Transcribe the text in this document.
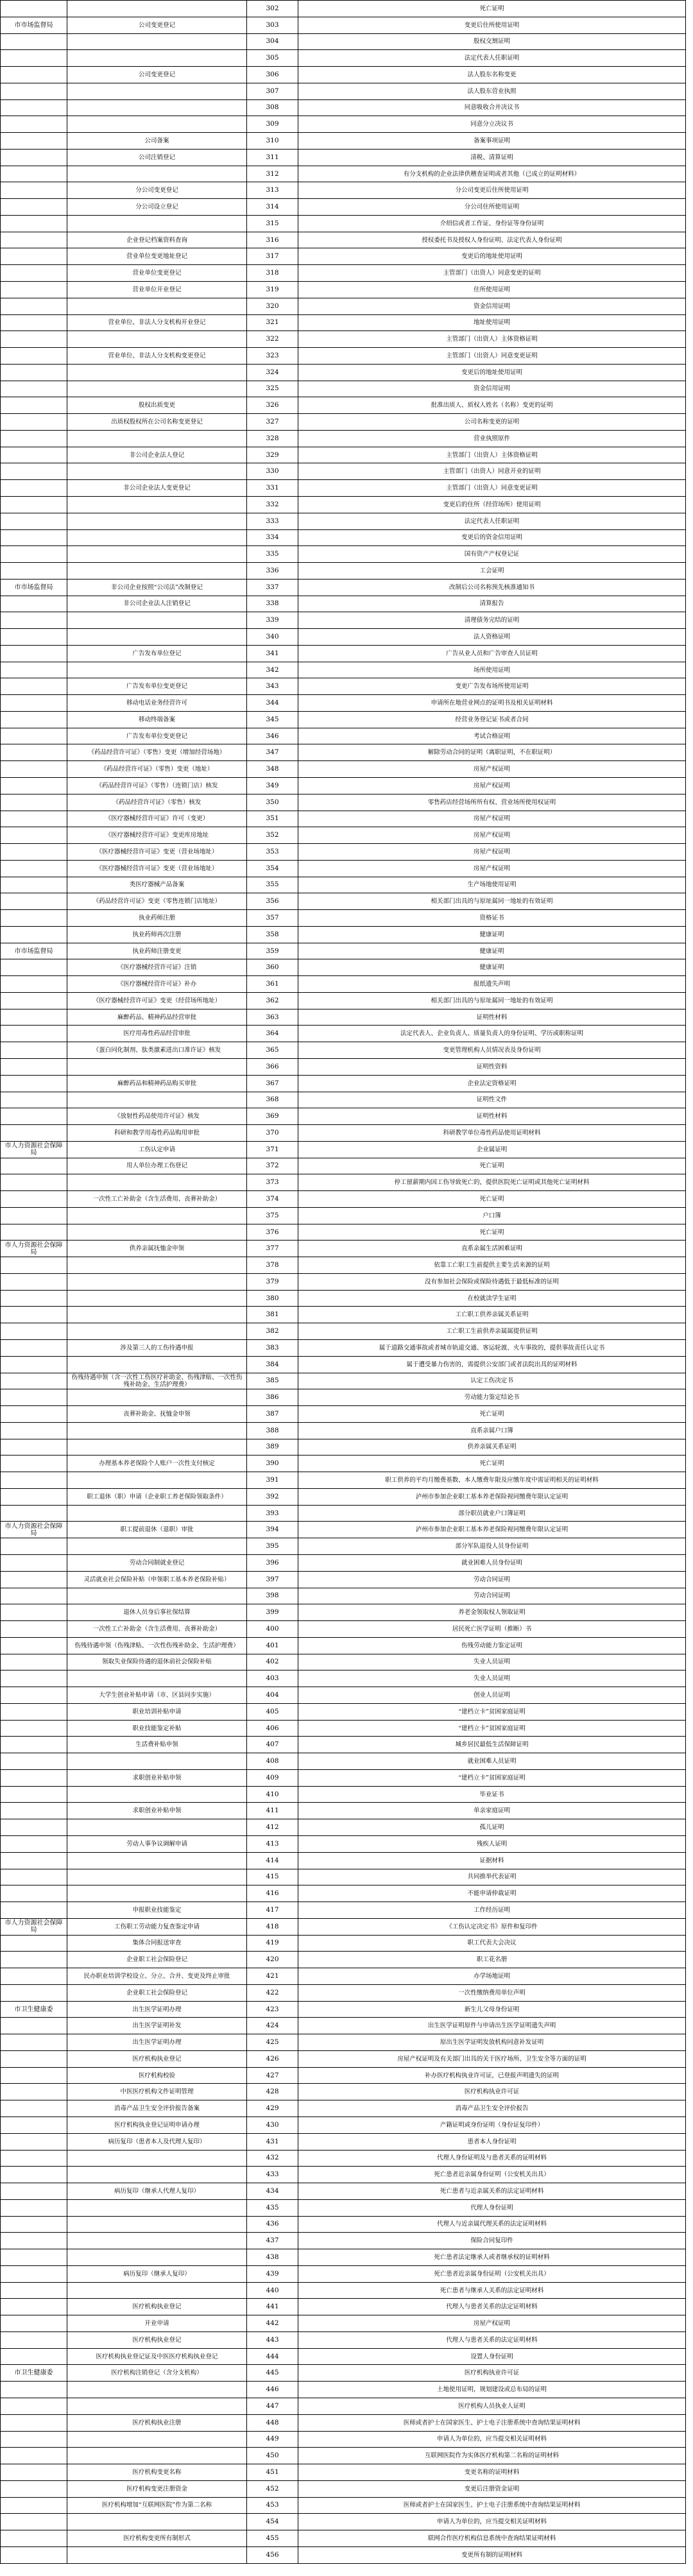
		302	死亡证明
市市场监督局	公司变更登记	303	变更后住所使用证明
		304	股权交割证明
		305	法定代表人任职证明
	公司变更登记	306	法人股东名称变更
		307	法人股东营业执照
		308	同意吸收合并决议书
		309	同意分立决议书
	公司备案	310	备案事项证明
	公司注销登记	311	清税、清算证明
		312	有分支机构的企业法律供稽查证明或者其他（已成立的证明材料）
	分公司变更登记	313	分公司变更后住所使用证明
	分公司设立登记	314	分公司住所使用证明
		315	介绍信或者工作证、身份证等身份证明
	企业登记档案资料查询	316	授权委托书及授权人身份证明、法定代表人身份证明
	营业单位变更地址登记	317	变更后的地址使用证明
	营业单位变更登记	318	主管部门（出资人）同意变更的证明
	营业单位开业登记	319	住所使用证明
		320	资金信用证明
	营业单位、非法人分支机构开业登记	321	地址使用证明
		322	主管部门（出资人）主体资格证明
	营业单位、非法人分支机构变更登记	323	主管部门（出资人）同意变更证明
		324	变更后的地址使用证明
		325	资金信用证明
	股权出质变更	326	批准出质人、质权人姓名（名称）变更的证明
	出质权股权所在公司名称变更登记	327	公司名称变更的证明
		328	营业执照原件
	非公司企业法人登记	329	主管部门（出资人）主体资格证明
		330	主管部门（出资人）同意开业的证明
	非公司企业法人变更登记	331	主管部门（出资人）同意变更证明
		332	变更后的住所（经营场所）使用证明
		333	法定代表人任职证明
		334	变更后的资金信用证明
		335	国有资产产权登记证
		336	工会证明
市市场监督局	非公司企业按照“公司法”改制登记	337	改制后公司名称预先核准通知书
	非公司企业法人注销登记	338	清算报告
		339	清理债务完结的证明
		340	法人资格证明
	广告发布单位登记	341	广告从业人员和广告审查人员证明
		342	场所使用证明
	广告发布单位变更登记	343	变更广告发布场所使用证明
	移动电话业务经营许可	344	申请所在地营业网点的证明书及相关证明材料
	移动终端备案	345	经营业务登记证书或者合同
	广告发布单位变更登记	346	考试合格证明
	《药品经营许可证》（零售）变更（增加经营场地）	347	解除劳动合同的证明（离职证明，不在职证明）
	《药品经营许可证》（零售）变更（地址）	348	房屋产权证明
	《药品经营许可证》（零售）（连锁门店）核发	349	房屋产权证明
	《药品经营许可证》（零售）核发	350	零售药店经营场所所有权、营业场所使用权证明
	《医疗器械经营许可证》许可（变更）	351	房屋产权证明
	《医疗器械经营许可证》变更库房地址	352	房屋产权证明
	《医疗器械经营许可证》变更（营业场地址）	353	房屋产权证明
	《医疗器械经营许可证》变更（营业场地址）	354	房屋产权证明
	类医疗器械产品备案	355	生产场地使用证明
	《药品经营许可证》变更（零售连锁门店地址）	356	相关部门出具的与原址属同一地址的有效证明
	执业药师注册	357	资格证书
	执业药师再次注册	358	健康证明
市市场监督局	执业药师注册变更	359	健康证明
	《医疗器械经营许可证》注销	360	健康证明
	《医疗器械经营许可证》补办	361	报纸遗失声明
	《医疗器械经营许可证》变更（经营场所地址）	362	相关部门出具的与原址属同一地址的有效证明
	麻醉药品、精神药品经营审批	363	证明性材料
	医疗用毒性药品经营审批	364	法定代表人、企业负责人、质量负责人的身份证明、学历或职称证明
	《蛋白同化制剂、肽类激素进出口准许证》核发	365	变更管理机构人员情况表及身份证明
		366	证明性资料
	麻醉药品和精神药品购买审批	367	企业法定资格证明
		368	证明性文件
	《放射性药品使用许可证》核发	369	证明性材料
	科研和教学用毒性药品购用审批	370	科研教学单位毒性药品使用证明材料
市人力资源社会保障局	工伤认定申请	371	企业属证明
	用人单位办理工伤登记	372	死亡证明
		373	停工留薪期内因工伤导致死亡的，提供医院死亡证明或其他死亡证明材料
	一次性工亡补助金（含生活费用、丧葬补助金）	374	死亡证明
		375	户口簿
		376	死亡证明
市人力资源社会保障局	供养亲属抚恤金申领	377	直系亲属生活困难证明
		378	依靠工亡职工生前提供主要生活来源的证明
		379	没有参加社会保险或保险待遇低于最低标准的证明
		380	在校就读学生证明
		381	工亡职工供养亲属关系证明
		382	工亡职工生前供养亲属属提供证明
	涉及第三人的工伤待遇申报	383	属于道路交通事故或者城市轨道交通、客运轮渡、火车事故的，提供事故责任认定书
		384	属于遭受暴力伤害的，需提供公安部门或者法院出具的证明材料
	伤残待遇申领（含一次性工伤医疗补助金、伤残津贴、一次性伤残补助金、生活护理费）	385	认定工伤决定书
		386	劳动能力鉴定结论书
	丧葬补助金、抚恤金申领	387	死亡证明
		388	直系亲属户口簿
		389	供养亲属关系证明
	办理基本养老保险个人账户一次性支付核定	390	死亡证明
		391	职工供养的平均月缴费基数、本人缴费年限及应缴年度中需证明相关的证明材料
	职工退休（职）申请（企业职工养老保险领取条件）	392	泸州市参加企业职工基本养老保险视同缴费年限认定证明
		393	部分职员就业户口簿证明
市人力资源社会保障局	职工提前退休（退职）审批	394	泸州市参加企业职工基本养老保险视同缴费年限认定证明
		395	部分军队退役人员身份证明
	劳动合同制就业登记	396	就业困难人员身份证明
	灵活就业社会保险补贴（申领职工基本养老保险补贴）	397	劳动合同证明
		398	劳动合同证明
	退休人员身后事社保结算	399	养老金领取权人领取证明
	一次性工亡补助金（含生活费用、丧葬补助金）	400	居民死亡医学证明（推断）书
	伤残待遇申领（伤残津贴、一次性伤残补助金、生活护理费）	401	伤残劳动能力鉴定证明
	领取失业保险待遇的退休前社会保险补贴	402	失业人员证明
		403	失业人员证明
	大学生创业补贴申请（市、区县同步实施）	404	创业人员证明
	职业培训补贴申请	405	“建档立卡”贫困家庭证明
	职业技能鉴定补贴	406	“建档立卡”贫困家庭证明
	生活费补贴申领	407	城乡居民最低生活保障证明
		408	就业困难人员证明
	求职创业补贴申领	409	“建档立卡”贫困家庭证明
		410	毕业证书
	求职创业补贴申领	411	单亲家庭证明
		412	孤儿证明
	劳动人事争议调解申请	413	残疾人证明
		414	证据材料
		415	共同推举代表证明
		416	不能申请仲裁证明
	申报职业技能鉴定	417	工作经历证明
市人力资源社会保障局	工伤职工劳动能力复查鉴定申请	418	《工伤认定决定书》原件和复印件
	集体合同报送审查	419	职工代表大会决议
	企业职工社会保险登记	420	职工花名册
	民办职业培训学校设立、分立、合并、变更及终止审批	421	办学场地证明
	企业职工社会保险登记	422	一次性缴纳费用单位声明
市卫生健康委	出生医学证明办理	423	新生儿父母身份证明
	出生医学证明补发	424	出生医学证明原件与申请出生医学证明遗失声明
	出生医学证明办理	425	原出生医学证明发放机构同意补发证明
	医疗机构执业登记	426	房屋产权证明及有关部门出具的关于医疗场所、卫生安全等方面的证明
	医疗机构校验	427	补办医疗机构执业许可证，已登报声明遗失的证明
	中医医疗机构文件证明管理	428	医疗机构执业许可证
	消毒产品卫生安全评价报告备案	429	消毒产品卫生安全评价报告
	医疗机构执业登记证明申请办理	430	产籍证明或身份证明（身份证复印件）
	病历复印（患者本人及代理人复印）	431	患者本人身份证明
		432	代理人身份证明及与患者关系的证明材料
		433	死亡患者近亲属身份证明（公安机关出具）
	病历复印（继承人代理人复印）	434	死亡患者与近亲属关系的法定证明材料
		435	代理人身份证明
		436	代理人与近亲属代理关系的法定证明材料
		437	保险合同复印件
		438	死亡患者法定继承人或者继承权的证明材料
	病历复印（继承人复印）	439	死亡患者近亲属身份证明（公安机关出具）
		440	死亡患者与继承人关系的法定证明材料
	医疗机构执业登记	441	代理人与患者关系的法定证明材料
	开业申请	442	房屋产权证明
	医疗机构执业登记	443	代理人与患者关系的法定证明材料
	医疗机构执业登记证及中医医疗机构执业登记	444	设置人身份证明
市卫生健康委	医疗机构注销登记（含分支机构）	445	医疗机构执业许可证
		446	土地使用证明，规划建设或总布局的证明
		447	医疗机构人员执业人证明
	医疗机构执业注册	448	医师或者护士在国家医生、护士电子注册系统中查询结果证明材料
		449	申请人为单位的，应当提交相关证明材料
		450	互联网医院作为实体医疗机构第二名称的证明材料
	医疗机构变更名称	451	变更名称的证明材料
	医疗机构变更注册资金	452	变更后注册资金证明
	医疗机构增加“互联网医院”作为第二名称	453	医师或者护士在国家医生、护士电子注册系统中查询结果证明材料
		454	申请人为单位的，应当提交相关证明材料
	医疗机构变更所有制形式	455	联网合作医疗机构信息系统中查询结果证明材料
		456	变更所有制的证明材料
